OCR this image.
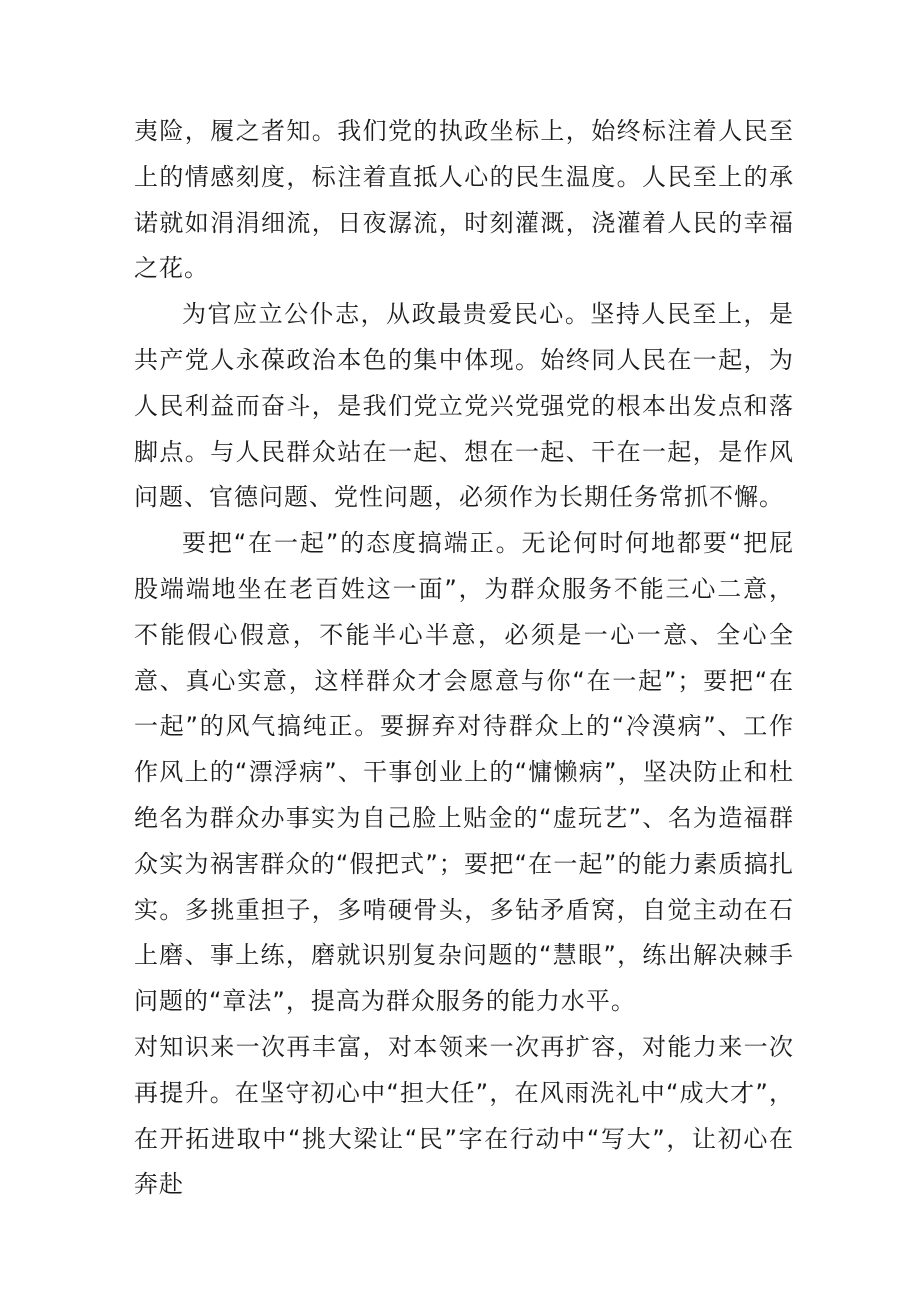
夷险，履之者知。我们党的执政坐标上，始终标注着人民至上的情感刻度，标注着直抵人心的民生温度。人民至上的承诺就如涓涓细流，日夜潺流，时刻灌溉，浇灌着人民的幸福之花。

为官应立公仆志，从政最贵爱民心。坚持人民至上，是共产党人永葆政治本色的集中体现。始终同人民在一起，为人民利益而奋斗，是我们党立党兴党强党的根本出发点和落脚点。与人民群众站在一起、想在一起、干在一起，是作风问题、官德问题、党性问题，必须作为长期任务常抓不懈。

要把“在一起”的态度搞端正。无论何时何地都要“把屁股端端地坐在老百姓这一面”，为群众服务不能三心二意，不能假心假意，不能半心半意，必须是一心一意、全心全意、真心实意，这样群众才会愿意与你“在一起”；要把“在一起”的风气搞纯正。要摒弃对待群众上的“冷漠病”、工作作风上的“漂浮病”、干事创业上的“慵懒病”，坚决防止和杜绝名为群众办事实为自己脸上贴金的“虚玩艺”、名为造福群众实为祸害群众的“假把式”；要把“在一起”的能力素质搞扎实。多挑重担子，多啃硬骨头，多钻矛盾窝，自觉主动在石上磨、事上练，磨就识别复杂问题的“慧眼”，练出解决棘手问题的“章法”，提高为群众服务的能力水平。

对知识来一次再丰富，对本领来一次再扩容，对能力来一次再提升。在坚守初心中“担大任”，在风雨洗礼中“成大才”，在开拓进取中“挑大梁让“民”字在行动中“写大”，让初心在奔赴
